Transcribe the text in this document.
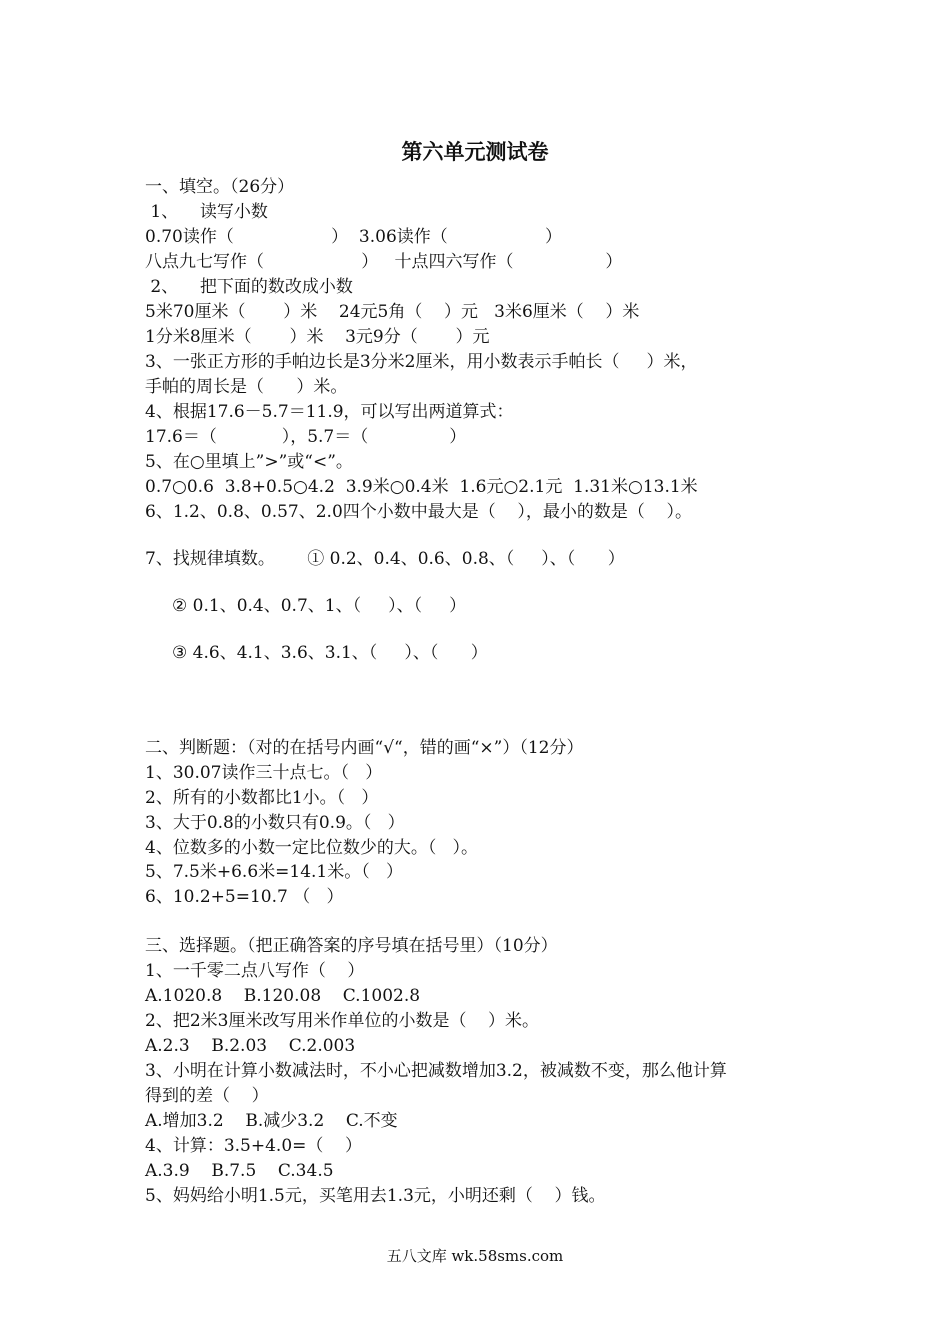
第六单元测试卷

一、填空。（26分）

1、    读写小数

0.70读作（                  ）  3.06读作（                  ）

八点九七写作（                  ）   十点四六写作（                 ）

2、    把下面的数改成小数

5米70厘米（       ）米    24元5角（    ）元   3米6厘米（    ）米

1分米8厘米（       ）米    3元9分（       ）元

3、一张正方形的手帕边长是3分米2厘米，用小数表示手帕长（     ）米，

手帕的周长是（      ）米。

4、根据17.6－5.7＝11.9，可以写出两道算式：

17.6＝（            ），5.7＝（               ）

5、在○里填上”>”或“<”。

0.7○0.6  3.8+0.5○4.2  3.9米○0.4米  1.6元○2.1元  1.31米○13.1米

6、1.2、0.8、0.57、2.0四个小数中最大是（    ），最小的数是（    ）。

7、找规律填数。      ① 0.2、0.4、0.6、0.8、（     ）、（      ）

② 0.1、0.4、0.7、1、（     ）、（     ）

③ 4.6、4.1、3.6、3.1、（     ）、（      ）

二、判断题：（对的在括号内画“√“，错的画“×”）（12分）

1、30.07读作三十点七。（   ）

2、所有的小数都比1小。（   ）

3、大于0.8的小数只有0.9。（   ）

4、位数多的小数一定比位数少的大。（   ）。

5、7.5米+6.6米=14.1米。（   ）

6、10.2+5=10.7 （   ）

三、选择题。（把正确答案的序号填在括号里）（10分）

1、一千零二点八写作（    ）

A.1020.8    B.120.08    C.1002.8

2、把2米3厘米改写用米作单位的小数是（    ）米。

A.2.3    B.2.03    C.2.003

3、小明在计算小数减法时，不小心把减数增加3.2，被减数不变，那么他计算

得到的差（    ）

A.增加3.2    B.减少3.2    C.不变

4、计算：3.5+4.0=（    ）

A.3.9    B.7.5    C.34.5

5、妈妈给小明1.5元，买笔用去1.3元，小明还剩（    ）钱。

五八文库 wk.58sms.com
